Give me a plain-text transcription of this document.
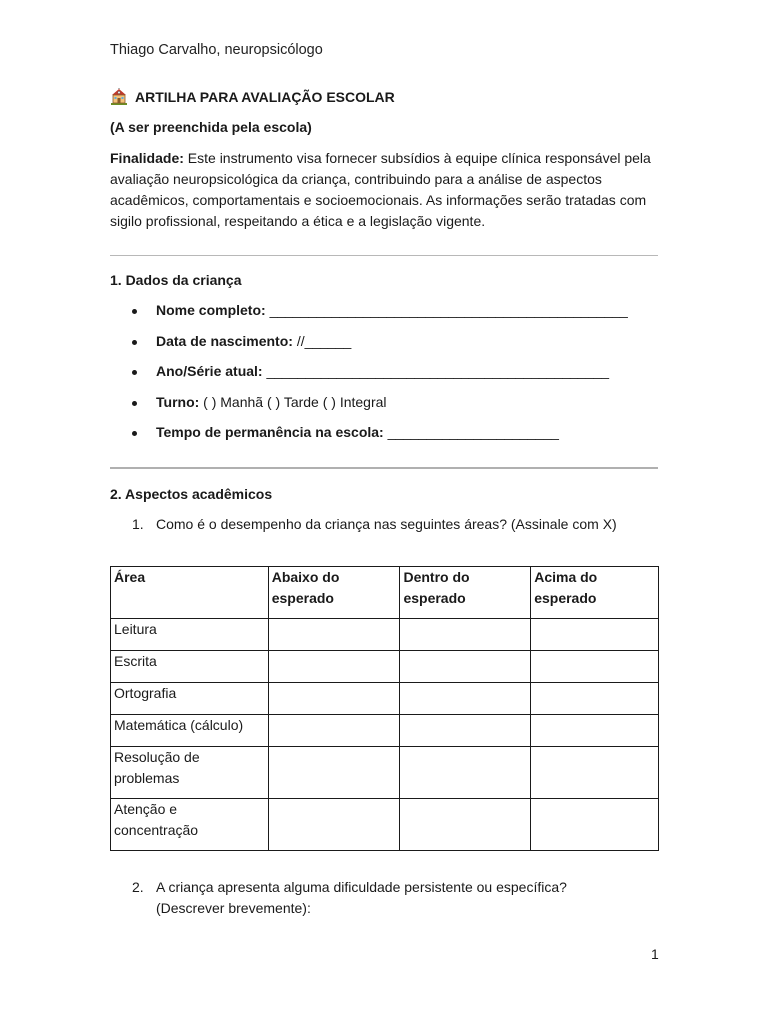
Thiago Carvalho, neuropsicólogo
ARTILHA PARA AVALIAÇÃO ESCOLAR
(A ser preenchida pela escola)
Finalidade: Este instrumento visa fornecer subsídios à equipe clínica responsável pela avaliação neuropsicológica da criança, contribuindo para a análise de aspectos acadêmicos, comportamentais e socioemocionais. As informações serão tratadas com sigilo profissional, respeitando a ética e a legislação vigente.
1. Dados da criança
Nome completo: ______________________________________________
Data de nascimento: //______
Ano/Série atual: ____________________________________________
Turno: ( ) Manhã ( ) Tarde ( ) Integral
Tempo de permanência na escola: ______________________
2. Aspectos acadêmicos
1. Como é o desempenho da criança nas seguintes áreas? (Assinale com X)
Área	Abaixo do esperado	Dentro do esperado	Acima do esperado
Leitura			
Escrita			
Ortografia			
Matemática (cálculo)			
Resolução de problemas			
Atenção e concentração			
2. A criança apresenta alguma dificuldade persistente ou específica?
(Descrever brevemente):
1
